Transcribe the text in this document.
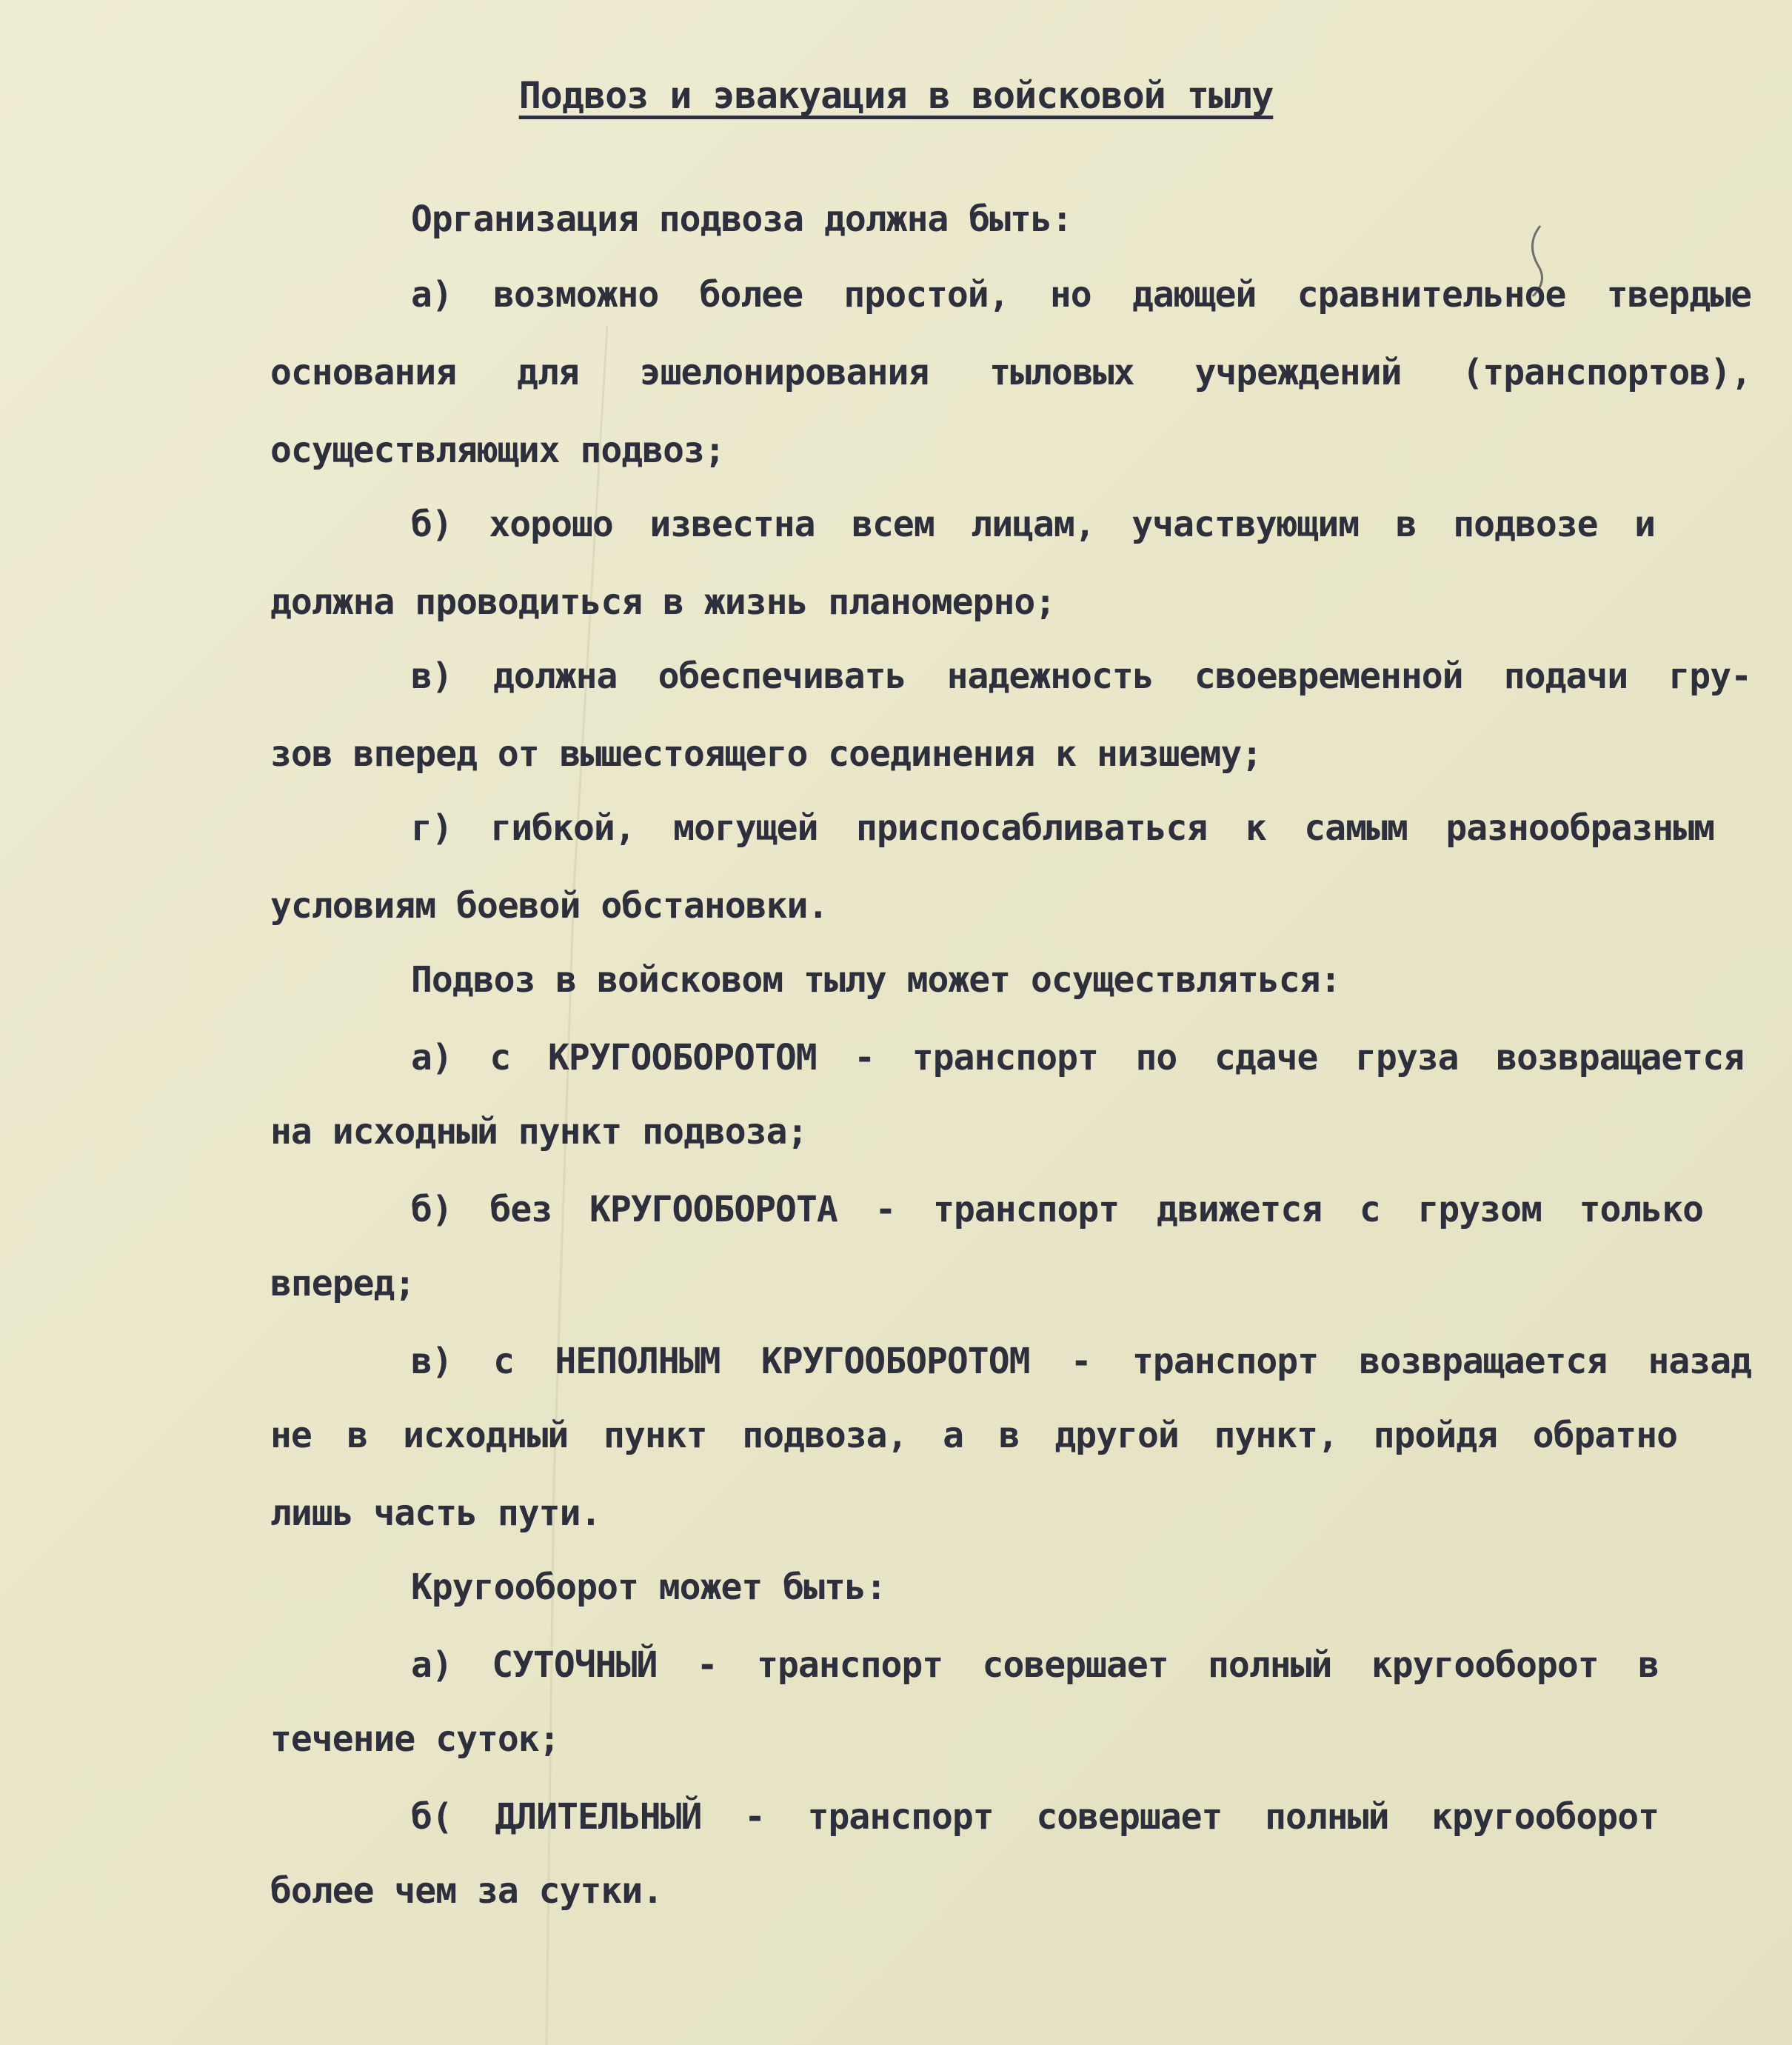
Подвоз и эвакуация в войсковой тылу
Организация подвоза должна быть:
а) возможно более простой, но дающей сравнительное твердые
основания для эшелонирования тыловых учреждений (транспортов),
осуществляющих подвоз;
б) хорошо известна всем лицам, участвующим в подвозе и
должна проводиться в жизнь планомерно;
в) должна обеспечивать надежность своевременной подачи гру-
зов вперед от вышестоящего соединения к низшему;
г) гибкой, могущей приспосабливаться к самым разнообразным
условиям боевой обстановки.
Подвоз в войсковом тылу может осуществляться:
а) с КРУГООБОРОТОМ - транспорт по сдаче груза возвращается
на исходный пункт подвоза;
б) без КРУГООБОРОТА - транспорт движется с грузом только
вперед;
в) с НЕПОЛНЫМ КРУГООБОРОТОМ - транспорт возвращается назад
не в исходный пункт подвоза, а в другой пункт, пройдя обратно
лишь часть пути.
Кругооборот может быть:
а) СУТОЧНЫЙ - транспорт совершает полный кругооборот в
течение суток;
б( ДЛИТЕЛЬНЫЙ - транспорт совершает полный кругооборот
более чем за сутки.
